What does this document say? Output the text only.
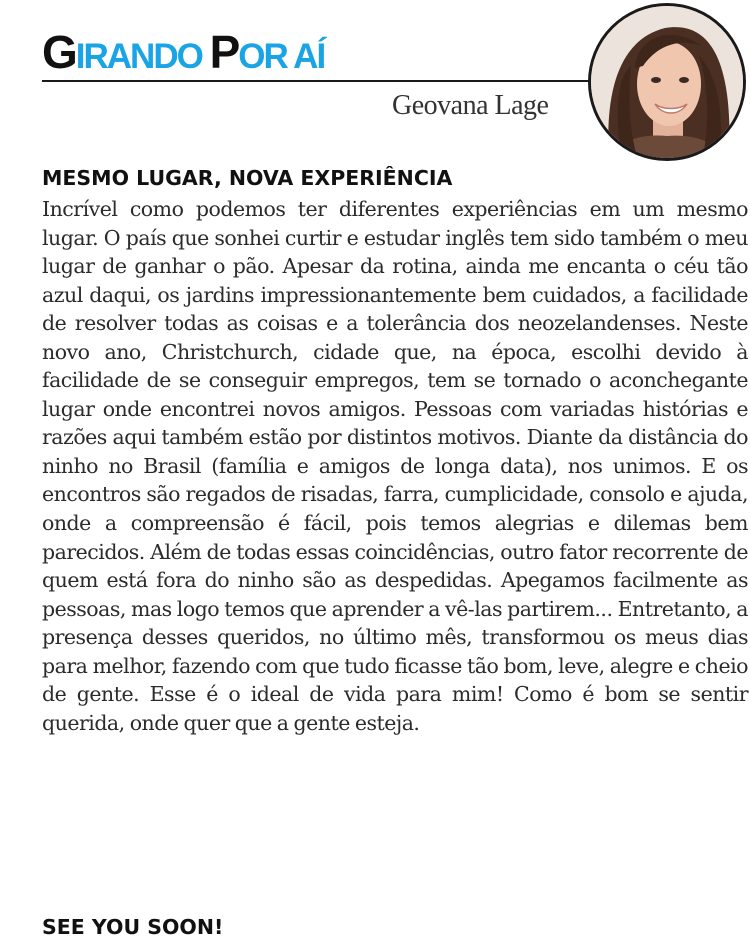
GIRANDO POR AÍ
Geovana Lage
MESMO LUGAR, NOVA EXPERIÊNCIA

Incrível como podemos ter diferentes experiências em um mesmo lugar. O país que sonhei curtir e estudar inglês tem sido também o meu lugar de ganhar o pão. Apesar da rotina, ainda me encanta o céu tão azul daqui, os jardins impressionantemente bem cuidados, a facilidade de resolver todas as coisas e a tolerância dos neozelandenses. Neste novo ano, Christchurch, cidade que, na época, escolhi devido à facilidade de se conseguir empregos, tem se tornado o aconchegante lugar onde encontrei novos amigos. Pessoas com variadas histórias e razões aqui também estão por distintos motivos. Diante da distância do ninho no Brasil (família e amigos de longa data), nos unimos. E os encontros são regados de risadas, farra, cumplicidade, consolo e ajuda, onde a compreensão é fácil, pois temos alegrias e dilemas bem parecidos. Além de todas essas coincidências, outro fator recorrente de quem está fora do ninho são as despedidas. Apegamos facilmente as pessoas, mas logo temos que aprender a vê-las partirem... Entretanto, a presença desses queridos, no último mês, transformou os meus dias para melhor, fazendo com que tudo ficasse tão bom, leve, alegre e cheio de gente. Esse é o ideal de vida para mim! Como é bom se sentir querida, onde quer que a gente esteja.

SEE YOU SOON!
